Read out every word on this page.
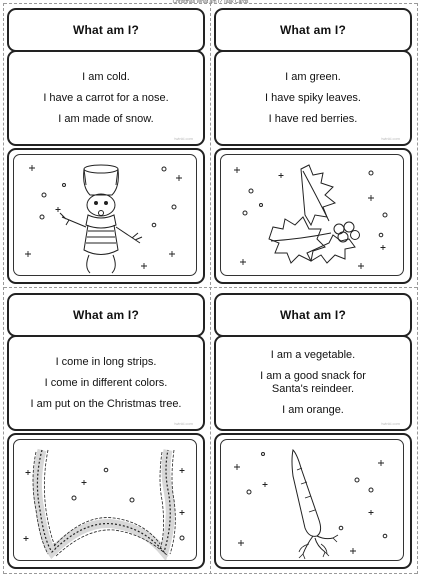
Christmas What am I? Task Cards
What am I?
I am cold.
I have a carrot for a nose.
I am made of snow.
twinkl.com
What am I?
I am green.
I have spiky leaves.
I have red berries.
twinkl.com
What am I?
I come in long strips.
I come in different colors.
I am put on the Christmas tree.
twinkl.com
What am I?
I am a vegetable.
I am a good snack for Santa's reindeer.
I am orange.
twinkl.com
